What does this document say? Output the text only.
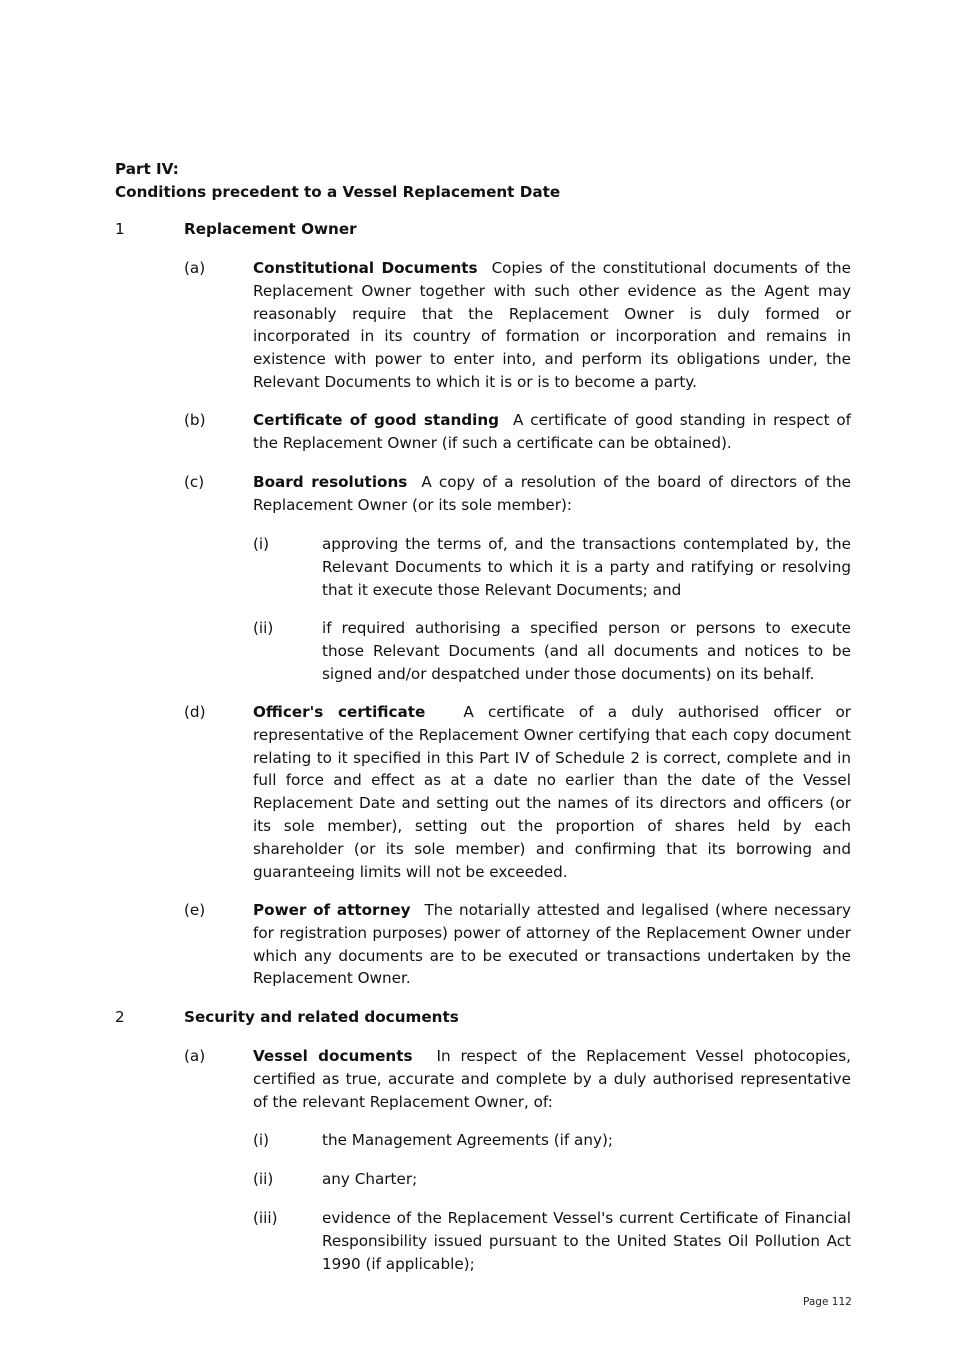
Part IV:
Conditions precedent to a Vessel Replacement Date
1	Replacement Owner
(a)	Constitutional Documents Copies of the constitutional documents of the Replacement Owner together with such other evidence as the Agent may reasonably require that the Replacement Owner is duly formed or incorporated in its country of formation or incorporation and remains in existence with power to enter into, and perform its obligations under, the Relevant Documents to which it is or is to become a party.
(b)	Certificate of good standing A certificate of good standing in respect of the Replacement Owner (if such a certificate can be obtained).
(c)	Board resolutions A copy of a resolution of the board of directors of the Replacement Owner (or its sole member):
(i)	approving the terms of, and the transactions contemplated by, the Relevant Documents to which it is a party and ratifying or resolving that it execute those Relevant Documents; and
(ii)	if required authorising a specified person or persons to execute those Relevant Documents (and all documents and notices to be signed and/or despatched under those documents) on its behalf.
(d)	Officer's certificate	A certificate of a duly authorised officer or representative of the Replacement Owner certifying that each copy document relating to it specified in this Part IV of Schedule 2 is correct, complete and in full force and effect as at a date no earlier than the date of the Vessel Replacement Date and setting out the names of its directors and officers (or its sole member), setting out the proportion of shares held by each shareholder (or its sole member) and confirming that its borrowing and guaranteeing limits will not be exceeded.
(e)	Power of attorney The notarially attested and legalised (where necessary for registration purposes) power of attorney of the Replacement Owner under which any documents are to be executed or transactions undertaken by the Replacement Owner.
2	Security and related documents
(a)	Vessel documents In respect of the Replacement Vessel photocopies, certified as true, accurate and complete by a duly authorised representative of the relevant Replacement Owner, of:
(i)	the Management Agreements (if any);
(ii)	any Charter;
(iii)	evidence of the Replacement Vessel's current Certificate of Financial Responsibility issued pursuant to the United States Oil Pollution Act 1990 (if applicable);
Page 112
